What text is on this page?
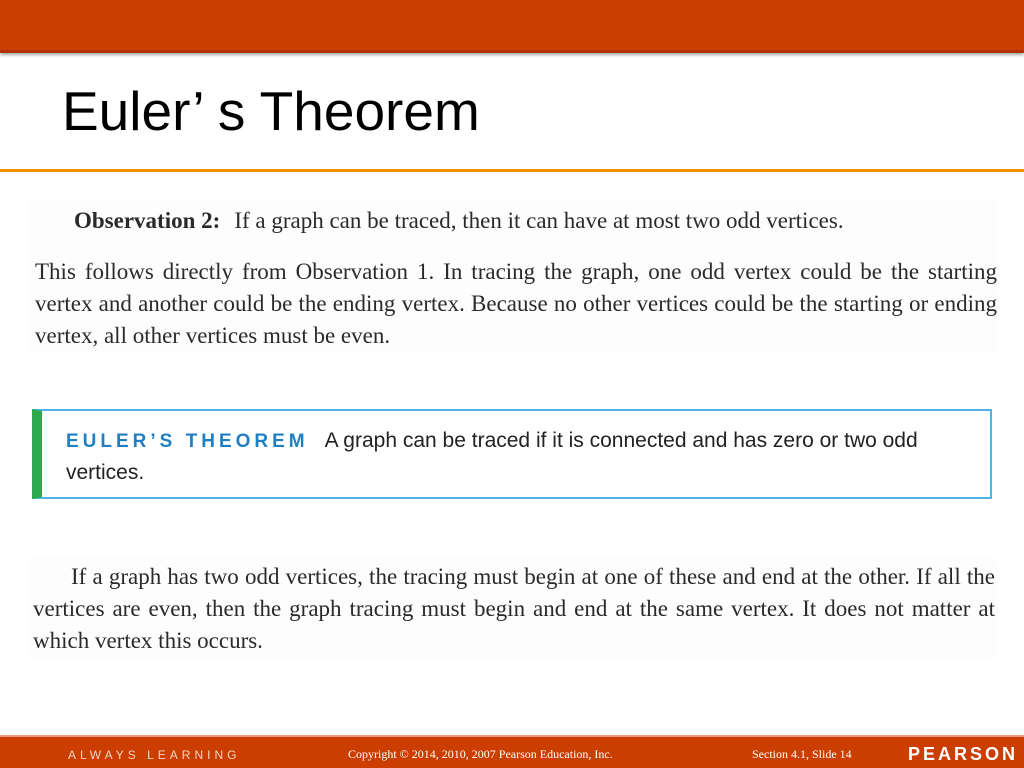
Euler’ s Theorem
Observation 2: If a graph can be traced, then it can have at most two odd vertices.
This follows directly from Observation 1. In tracing the graph, one odd vertex could be the starting vertex and another could be the ending vertex. Because no other vertices could be the starting or ending vertex, all other vertices must be even.
EULER’S THEOREM A graph can be traced if it is connected and has zero or two odd vertices.
If a graph has two odd vertices, the tracing must begin at one of these and end at the other. If all the vertices are even, then the graph tracing must begin and end at the same vertex. It does not matter at which vertex this occurs.
ALWAYS LEARNING	Copyright © 2014, 2010, 2007 Pearson Education, Inc.	Section 4.1, Slide 14	PEARSON
